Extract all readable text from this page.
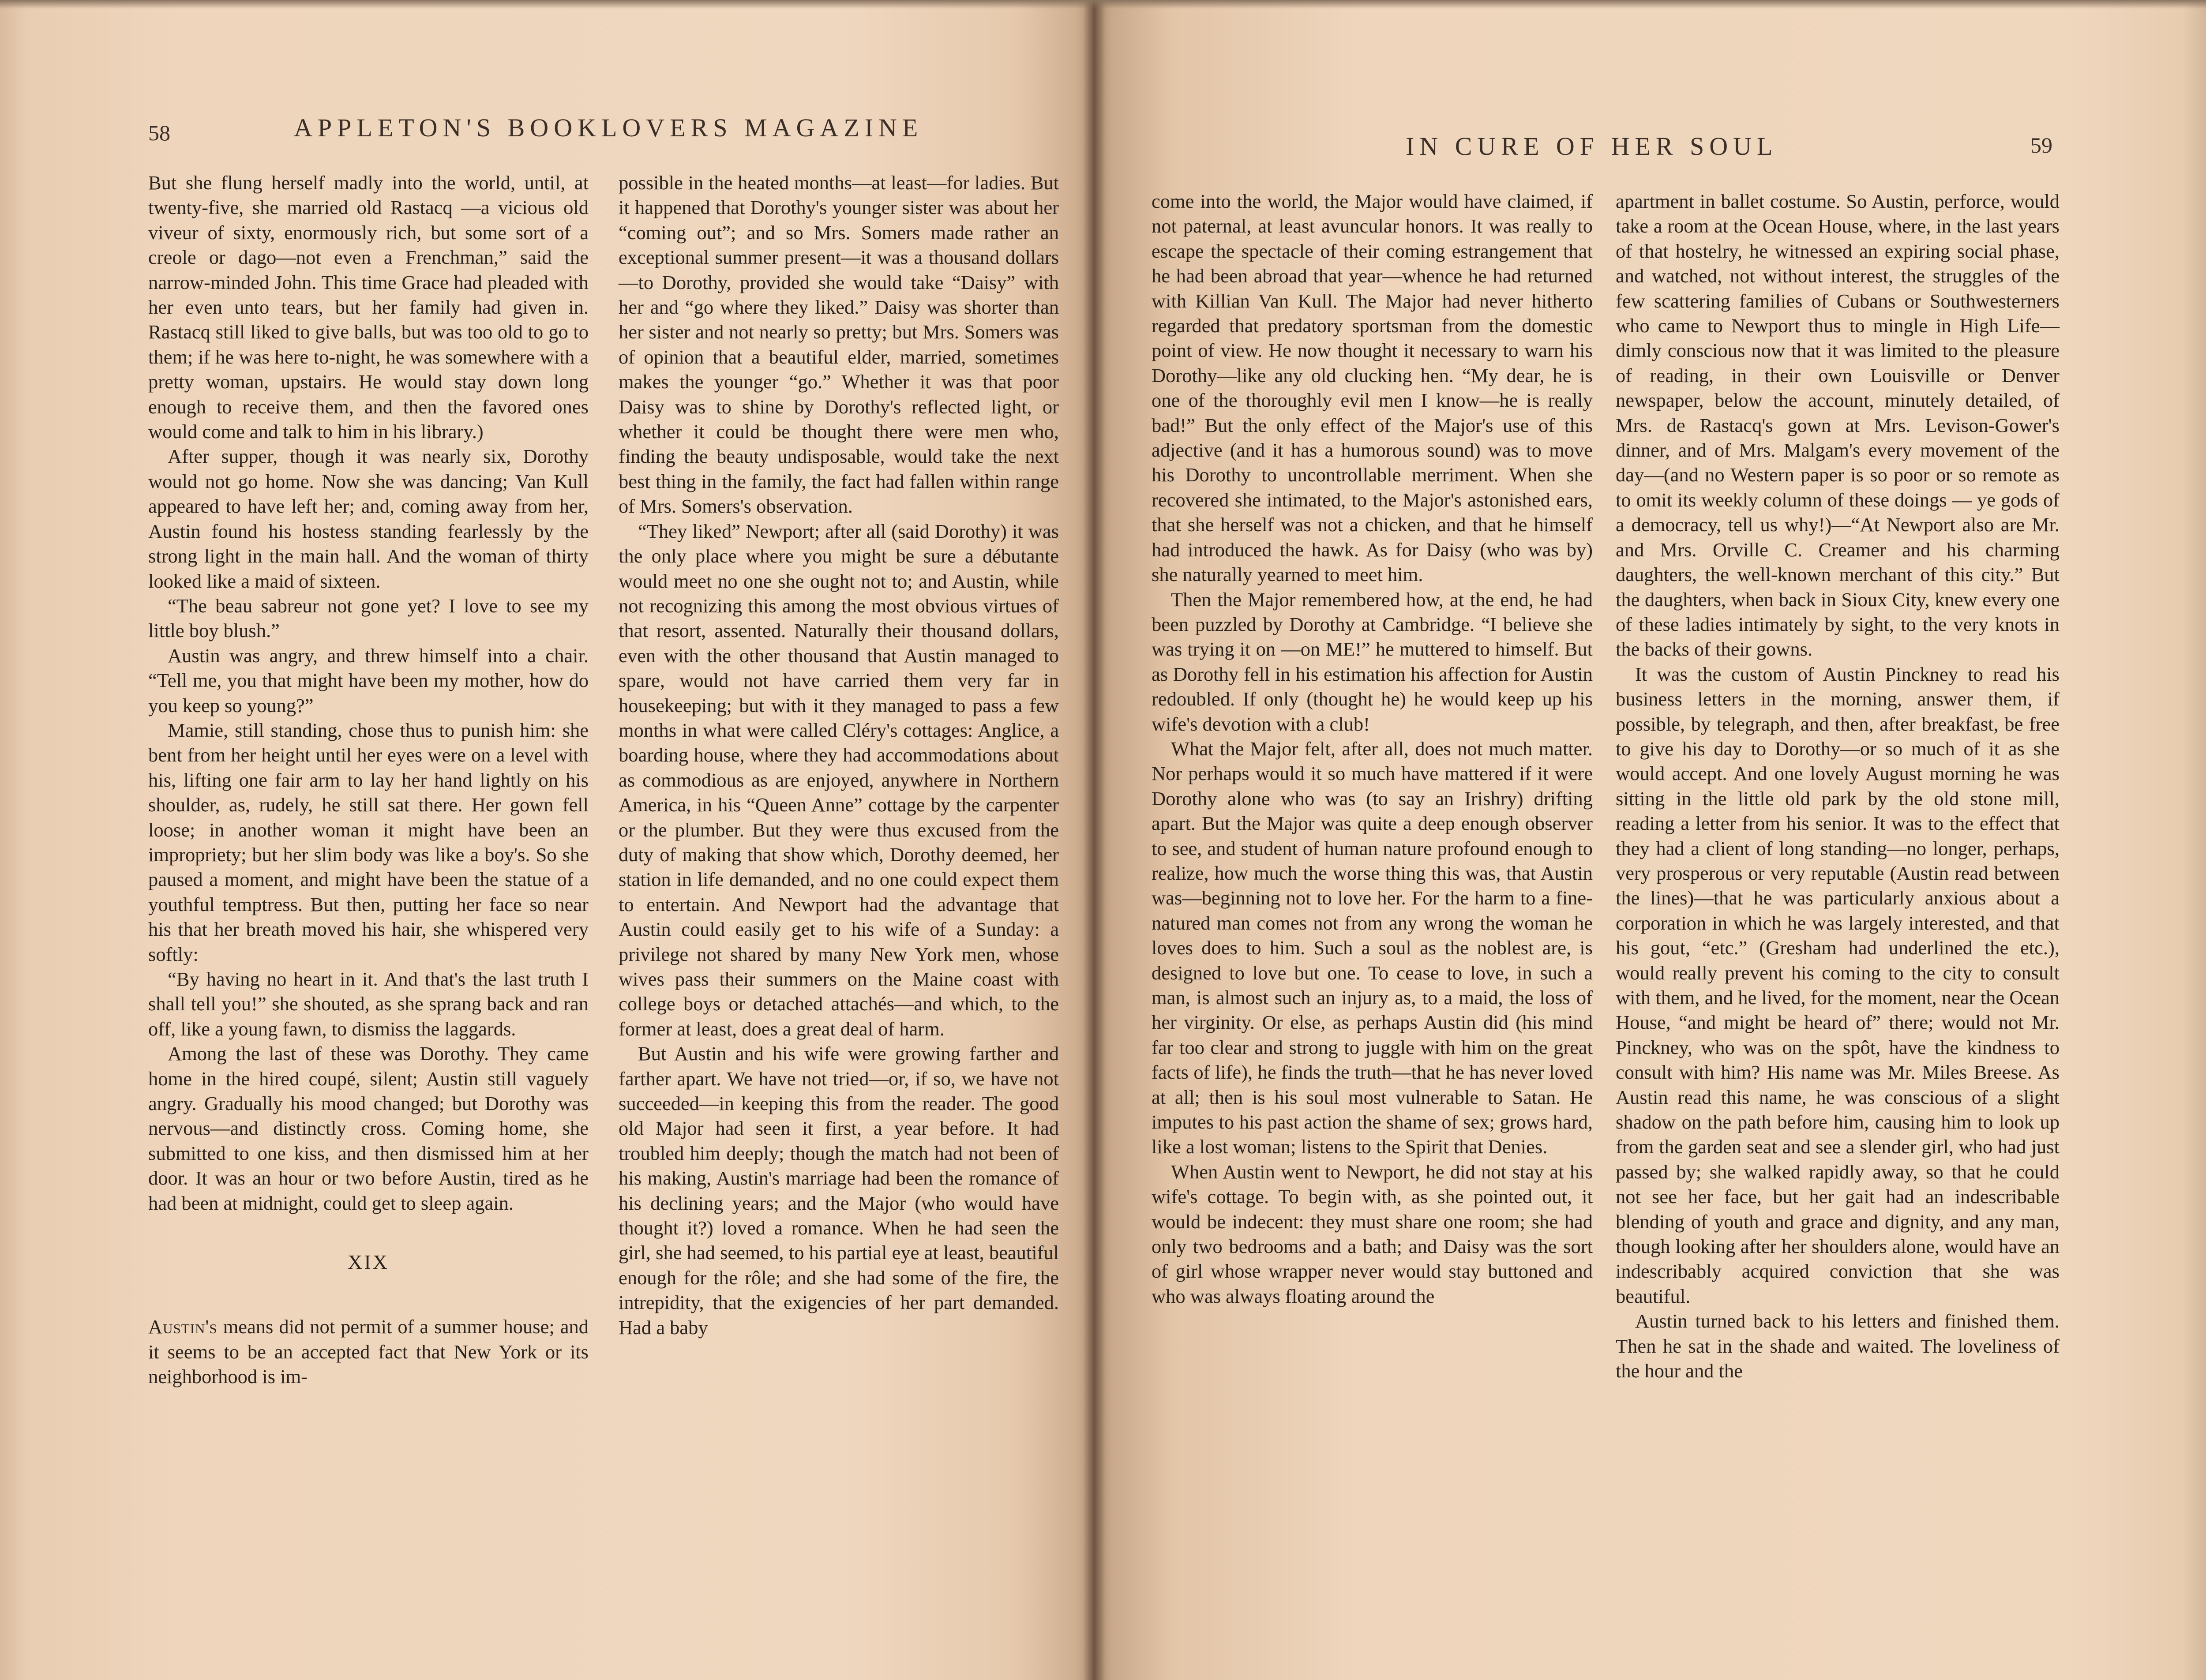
58	APPLETON'S BOOKLOVERS MAGAZINE

But she flung herself madly into the world, until, at twenty-five, she married old Rastacq —a vicious old viveur of sixty, enormously rich, but some sort of a creole or dago—not even a Frenchman,” said the narrow-minded John. This time Grace had pleaded with her even unto tears, but her family had given in. Rastacq still liked to give balls, but was too old to go to them; if he was here to-night, he was somewhere with a pretty woman, upstairs. He would stay down long enough to receive them, and then the favored ones would come and talk to him in his library.)

After supper, though it was nearly six, Dorothy would not go home. Now she was dancing; Van Kull appeared to have left her; and, coming away from her, Austin found his hostess standing fearlessly by the strong light in the main hall. And the woman of thirty looked like a maid of sixteen.

“The beau sabreur not gone yet? I love to see my little boy blush.”

Austin was angry, and threw himself into a chair. “Tell me, you that might have been my mother, how do you keep so young?”

Mamie, still standing, chose thus to punish him: she bent from her height until her eyes were on a level with his, lifting one fair arm to lay her hand lightly on his shoulder, as, rudely, he still sat there. Her gown fell loose; in another woman it might have been an impropriety; but her slim body was like a boy's. So she paused a moment, and might have been the statue of a youthful temptress. But then, putting her face so near his that her breath moved his hair, she whispered very softly:

“By having no heart in it. And that's the last truth I shall tell you!” she shouted, as she sprang back and ran off, like a young fawn, to dismiss the laggards.

Among the last of these was Dorothy. They came home in the hired coupé, silent; Austin still vaguely angry. Gradually his mood changed; but Dorothy was nervous—and distinctly cross. Coming home, she submitted to one kiss, and then dismissed him at her door. It was an hour or two before Austin, tired as he had been at midnight, could get to sleep again.

XIX

Austin's means did not permit of a summer house; and it seems to be an accepted fact that New York or its neighborhood is im-

possible in the heated months—at least—for ladies. But it happened that Dorothy's younger sister was about her “coming out”; and so Mrs. Somers made rather an exceptional summer present—it was a thousand dollars—to Dorothy, provided she would take “Daisy” with her and “go where they liked.” Daisy was shorter than her sister and not nearly so pretty; but Mrs. Somers was of opinion that a beautiful elder, married, sometimes makes the younger “go.” Whether it was that poor Daisy was to shine by Dorothy's reflected light, or whether it could be thought there were men who, finding the beauty undisposable, would take the next best thing in the family, the fact had fallen within range of Mrs. Somers's observation.

“They liked” Newport; after all (said Dorothy) it was the only place where you might be sure a débutante would meet no one she ought not to; and Austin, while not recognizing this among the most obvious virtues of that resort, assented. Naturally their thousand dollars, even with the other thousand that Austin managed to spare, would not have carried them very far in housekeeping; but with it they managed to pass a few months in what were called Cléry's cottages: Anglice, a boarding house, where they had accommodations about as commodious as are enjoyed, anywhere in Northern America, in his “Queen Anne” cottage by the carpenter or the plumber. But they were thus excused from the duty of making that show which, Dorothy deemed, her station in life demanded, and no one could expect them to entertain. And Newport had the advantage that Austin could easily get to his wife of a Sunday: a privilege not shared by many New York men, whose wives pass their summers on the Maine coast with college boys or detached attachés—and which, to the former at least, does a great deal of harm.

But Austin and his wife were growing farther and farther apart. We have not tried—or, if so, we have not succeeded—in keeping this from the reader. The good old Major had seen it first, a year before. It had troubled him deeply; though the match had not been of his making, Austin's marriage had been the romance of his declining years; and the Major (who would have thought it?) loved a romance. When he had seen the girl, she had seemed, to his partial eye at least, beautiful enough for the rôle; and she had some of the fire, the intrepidity, that the exigencies of her part demanded. Had a baby

IN CURE OF HER SOUL	59

come into the world, the Major would have claimed, if not paternal, at least avuncular honors. It was really to escape the spectacle of their coming estrangement that he had been abroad that year—whence he had returned with Killian Van Kull. The Major had never hitherto regarded that predatory sportsman from the domestic point of view. He now thought it necessary to warn his Dorothy—like any old clucking hen. “My dear, he is one of the thoroughly evil men I know—he is really bad!” But the only effect of the Major's use of this adjective (and it has a humorous sound) was to move his Dorothy to uncontrollable merriment. When she recovered she intimated, to the Major's astonished ears, that she herself was not a chicken, and that he himself had introduced the hawk. As for Daisy (who was by) she naturally yearned to meet him.

Then the Major remembered how, at the end, he had been puzzled by Dorothy at Cambridge. “I believe she was trying it on —on ME!” he muttered to himself. But as Dorothy fell in his estimation his affection for Austin redoubled. If only (thought he) he would keep up his wife's devotion with a club!

What the Major felt, after all, does not much matter. Nor perhaps would it so much have mattered if it were Dorothy alone who was (to say an Irishry) drifting apart. But the Major was quite a deep enough observer to see, and student of human nature profound enough to realize, how much the worse thing this was, that Austin was—beginning not to love her. For the harm to a fine-natured man comes not from any wrong the woman he loves does to him. Such a soul as the noblest are, is designed to love but one. To cease to love, in such a man, is almost such an injury as, to a maid, the loss of her virginity. Or else, as perhaps Austin did (his mind far too clear and strong to juggle with him on the great facts of life), he finds the truth—that he has never loved at all; then is his soul most vulnerable to Satan. He imputes to his past action the shame of sex; grows hard, like a lost woman; listens to the Spirit that Denies.

When Austin went to Newport, he did not stay at his wife's cottage. To begin with, as she pointed out, it would be indecent: they must share one room; she had only two bedrooms and a bath; and Daisy was the sort of girl whose wrapper never would stay buttoned and who was always floating around the

apartment in ballet costume. So Austin, perforce, would take a room at the Ocean House, where, in the last years of that hostelry, he witnessed an expiring social phase, and watched, not without interest, the struggles of the few scattering families of Cubans or Southwesterners who came to Newport thus to mingle in High Life—dimly conscious now that it was limited to the pleasure of reading, in their own Louisville or Denver newspaper, below the account, minutely detailed, of Mrs. de Rastacq's gown at Mrs. Levison-Gower's dinner, and of Mrs. Malgam's every movement of the day—(and no Western paper is so poor or so remote as to omit its weekly column of these doings — ye gods of a democracy, tell us why!)—“At Newport also are Mr. and Mrs. Orville C. Creamer and his charming daughters, the well-known merchant of this city.” But the daughters, when back in Sioux City, knew every one of these ladies intimately by sight, to the very knots in the backs of their gowns.

It was the custom of Austin Pinckney to read his business letters in the morning, answer them, if possible, by telegraph, and then, after breakfast, be free to give his day to Dorothy—or so much of it as she would accept. And one lovely August morning he was sitting in the little old park by the old stone mill, reading a letter from his senior. It was to the effect that they had a client of long standing—no longer, perhaps, very prosperous or very reputable (Austin read between the lines)—that he was particularly anxious about a corporation in which he was largely interested, and that his gout, “etc.” (Gresham had underlined the etc.), would really prevent his coming to the city to consult with them, and he lived, for the moment, near the Ocean House, “and might be heard of” there; would not Mr. Pinckney, who was on the spôt, have the kindness to consult with him? His name was Mr. Miles Breese. As Austin read this name, he was conscious of a slight shadow on the path before him, causing him to look up from the garden seat and see a slender girl, who had just passed by; she walked rapidly away, so that he could not see her face, but her gait had an indescribable blending of youth and grace and dignity, and any man, though looking after her shoulders alone, would have an indescribably acquired conviction that she was beautiful.

Austin turned back to his letters and finished them. Then he sat in the shade and waited. The loveliness of the hour and the
